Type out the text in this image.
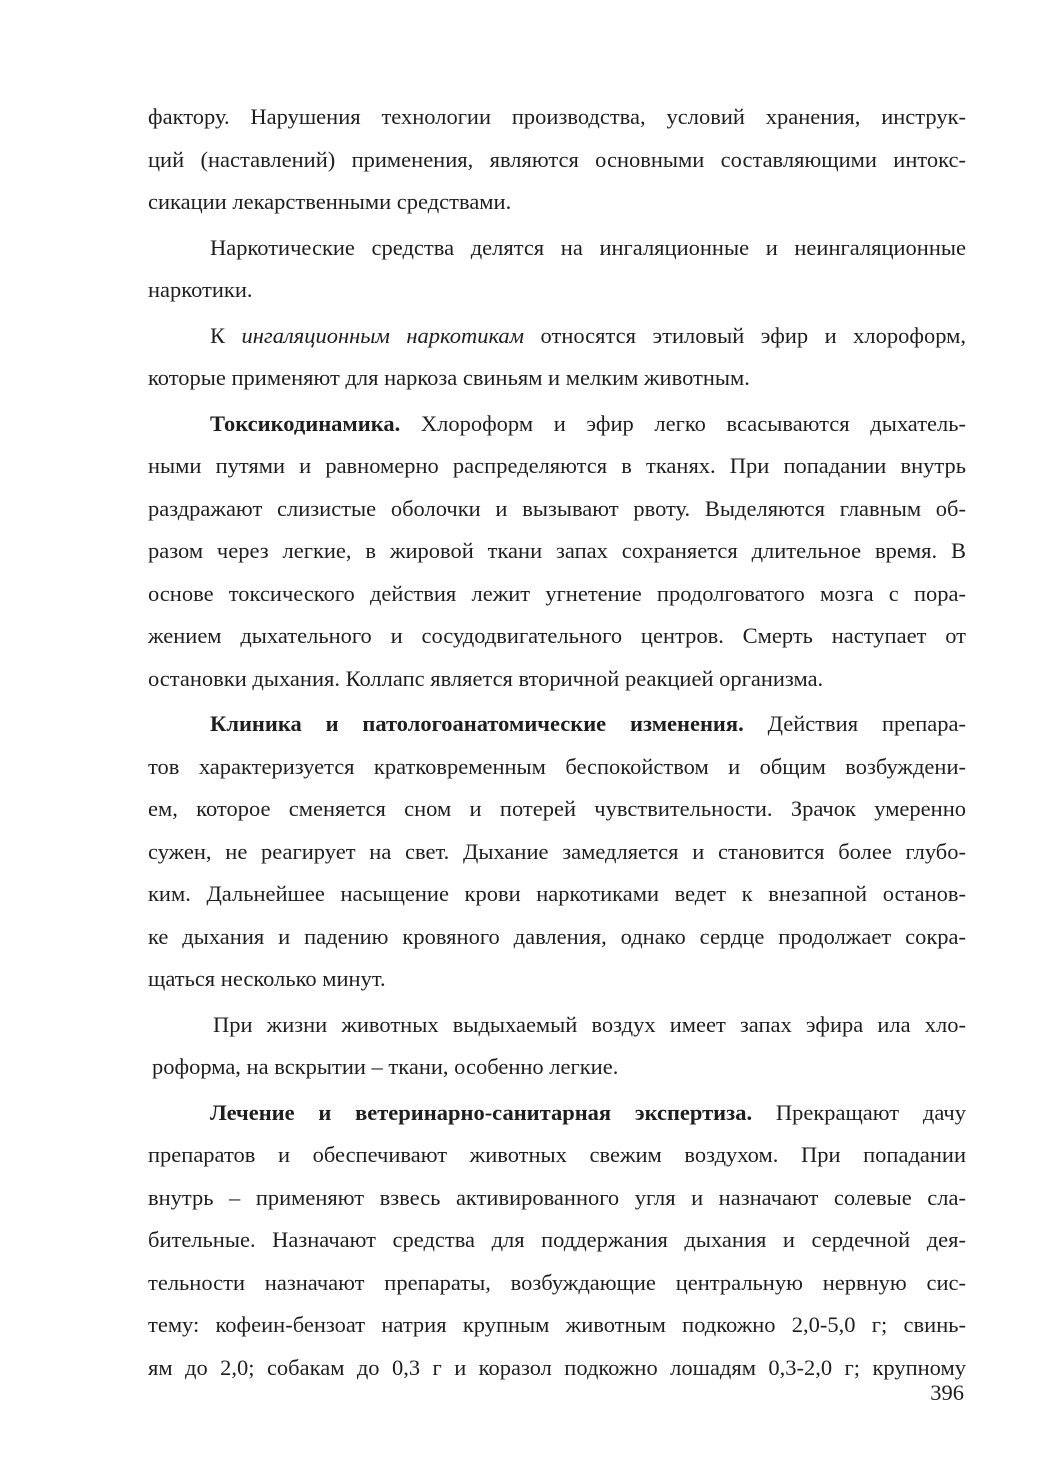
фактору. Нарушения технологии производства, условий хранения, инструк-
ций (наставлений) применения, являются основными составляющими интокс-
сикации лекарственными средствами.
Наркотические средства делятся на ингаляционные и неингаляционные
наркотики.
К ингаляционным наркотикам относятся этиловый эфир и хлороформ,
которые применяют для наркоза свиньям и мелким животным.
Токсикодинамика. Хлороформ и эфир легко всасываются дыхатель-
ными путями и равномерно распределяются в тканях. При попадании внутрь
раздражают слизистые оболочки и вызывают рвоту. Выделяются главным об-
разом через легкие, в жировой ткани запах сохраняется длительное время. В
основе токсического действия лежит угнетение продолговатого мозга с пора-
жением дыхательного и сосудодвигательного центров. Смерть наступает от
остановки дыхания. Коллапс является вторичной реакцией организма.
Клиника и патологоанатомические изменения. Действия препара-
тов характеризуется кратковременным беспокойством и общим возбуждени-
ем, которое сменяется сном и потерей чувствительности. Зрачок умеренно
сужен, не реагирует на свет. Дыхание замедляется и становится более глубо-
ким. Дальнейшее насыщение крови наркотиками ведет к внезапной останов-
ке дыхания и падению кровяного давления, однако сердце продолжает сокра-
щаться несколько минут.
При жизни животных выдыхаемый воздух имеет запах эфира ила хло-
роформа, на вскрытии – ткани, особенно легкие.
Лечение и ветеринарно-санитарная экспертиза. Прекращают дачу
препаратов и обеспечивают животных свежим воздухом. При попадании
внутрь – применяют взвесь активированного угля и назначают солевые сла-
бительные. Назначают средства для поддержания дыхания и сердечной дея-
тельности назначают препараты, возбуждающие центральную нервную сис-
тему: кофеин-бензоат натрия крупным животным подкожно 2,0-5,0 г; свинь-
ям до 2,0; собакам до 0,3 г и коразол подкожно лошадям 0,3-2,0 г; крупному
396
